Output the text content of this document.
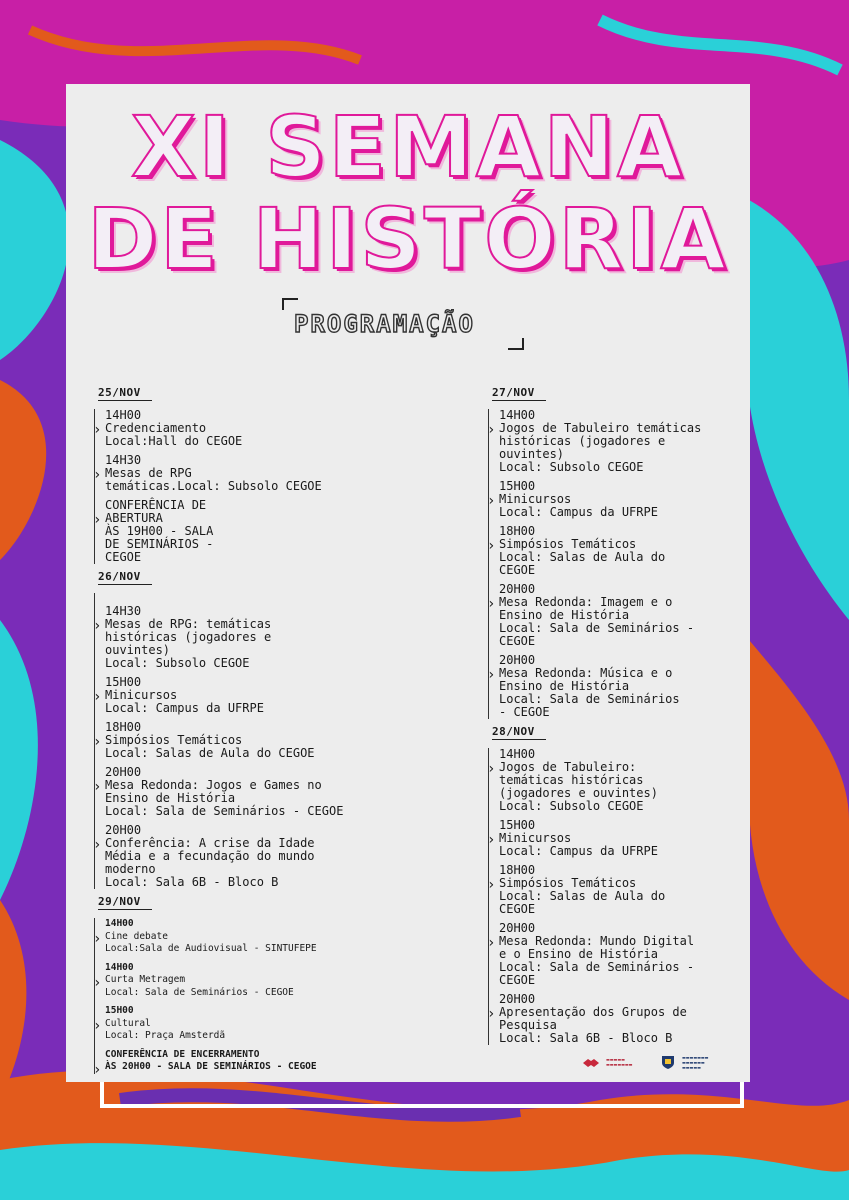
XI SEMANA
DE HISTÓRIA
PROGRAMAÇÃO
25/NOV
› 14H00
Credenciamento
Local:Hall do CEGOE
› 14H30
Mesas de RPG
temáticas.Local: Subsolo CEGOE
› CONFERÊNCIA DE
ABERTURA
ÀS 19H00 - SALA
DE SEMINÁRIOS -
CEGOE
26/NOV
› 14H30
Mesas de RPG: temáticas
históricas (jogadores e
ouvintes)
Local: Subsolo CEGOE
› 15H00
Minicursos
Local: Campus da UFRPE
› 18H00
Simpósios Temáticos
Local: Salas de Aula do CEGOE
› 20H00
Mesa Redonda: Jogos e Games no
Ensino de História
Local: Sala de Seminários - CEGOE
› 20H00
Conferência: A crise da Idade
Média e a fecundação do mundo
moderno
Local: Sala 6B - Bloco B
29/NOV
› 14H00
Cine debate
Local:Sala de Audiovisual - SINTUFEPE
› 14H00
Curta Metragem
Local: Sala de Seminários - CEGOE
› 15H00
Cultural
Local: Praça Amsterdã
› CONFERÊNCIA DE ENCERRAMENTO
ÀS 20H00 - SALA DE SEMINÁRIOS - CEGOE
27/NOV
› 14H00
Jogos de Tabuleiro temáticas
históricas (jogadores e
ouvintes)
Local: Subsolo CEGOE
› 15H00
Minicursos
Local: Campus da UFRPE
› 18H00
Simpósios Temáticos
Local: Salas de Aula do
CEGOE
› 20H00
Mesa Redonda: Imagem e o
Ensino de História
Local: Sala de Seminários -
CEGOE
› 20H00
Mesa Redonda: Música e o
Ensino de História
Local: Sala de Seminários
- CEGOE
28/NOV
› 14H00
Jogos de Tabuleiro:
temáticas históricas
(jogadores e ouvintes)
Local: Subsolo CEGOE
› 15H00
Minicursos
Local: Campus da UFRPE
› 18H00
Simpósios Temáticos
Local: Salas de Aula do
CEGOE
› 20H00
Mesa Redonda: Mundo Digital
e o Ensino de História
Local: Sala de Seminários -
CEGOE
› 20H00
Apresentação dos Grupos de
Pesquisa
Local: Sala 6B - Bloco B
▬▬▬▬▬
▬▬▬▬▬▬▬
▬▬▬▬▬▬▬
▬▬▬▬▬▬
▬▬▬▬▬
